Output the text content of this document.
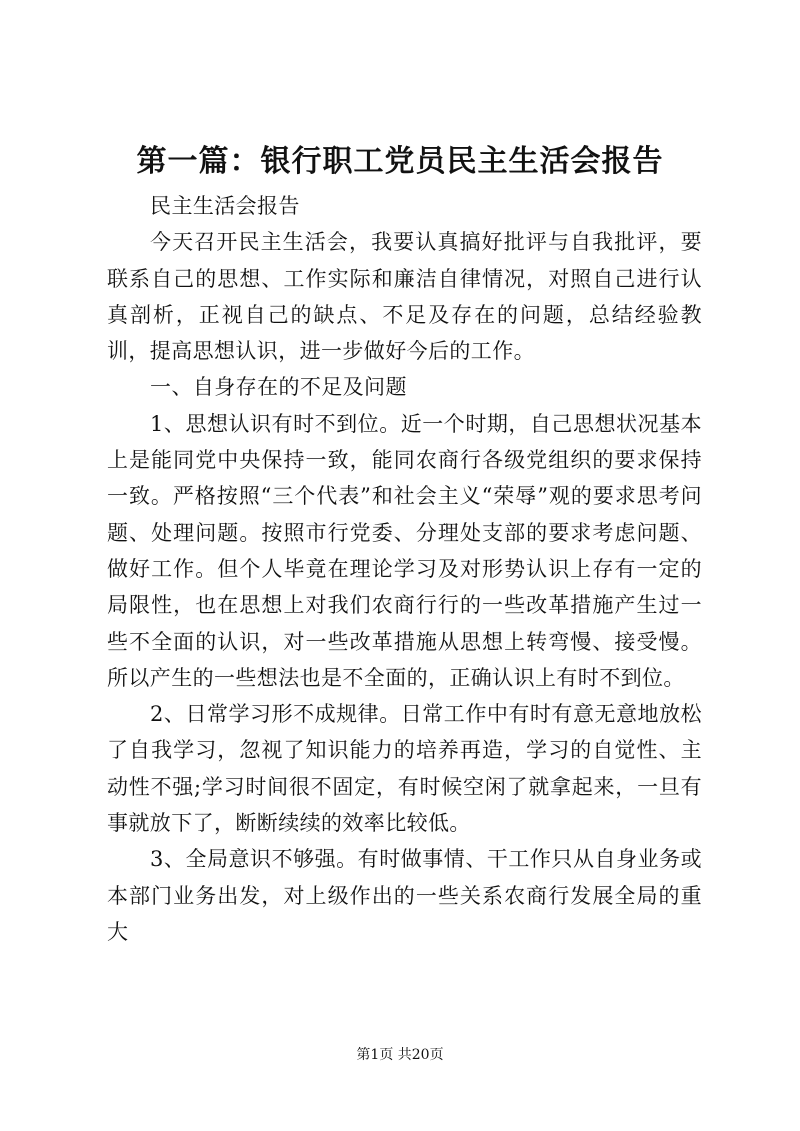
第一篇：银行职工党员民主生活会报告

民主生活会报告

今天召开民主生活会，我要认真搞好批评与自我批评，要联系自己的思想、工作实际和廉洁自律情况，对照自己进行认真剖析，正视自己的缺点、不足及存在的问题，总结经验教训，提高思想认识，进一步做好今后的工作。

一、自身存在的不足及问题

1、思想认识有时不到位。近一个时期，自己思想状况基本上是能同党中央保持一致，能同农商行各级党组织的要求保持一致。严格按照“三个代表”和社会主义“荣辱”观的要求思考问题、处理问题。按照市行党委、分理处支部的要求考虑问题、做好工作。但个人毕竟在理论学习及对形势认识上存有一定的局限性，也在思想上对我们农商行行的一些改革措施产生过一些不全面的认识，对一些改革措施从思想上转弯慢、接受慢。所以产生的一些想法也是不全面的，正确认识上有时不到位。

2、日常学习形不成规律。日常工作中有时有意无意地放松了自我学习，忽视了知识能力的培养再造，学习的自觉性、主动性不强;学习时间很不固定，有时候空闲了就拿起来，一旦有事就放下了，断断续续的效率比较低。

3、全局意识不够强。有时做事情、干工作只从自身业务或本部门业务出发，对上级作出的一些关系农商行发展全局的重大

第1页 共20页
